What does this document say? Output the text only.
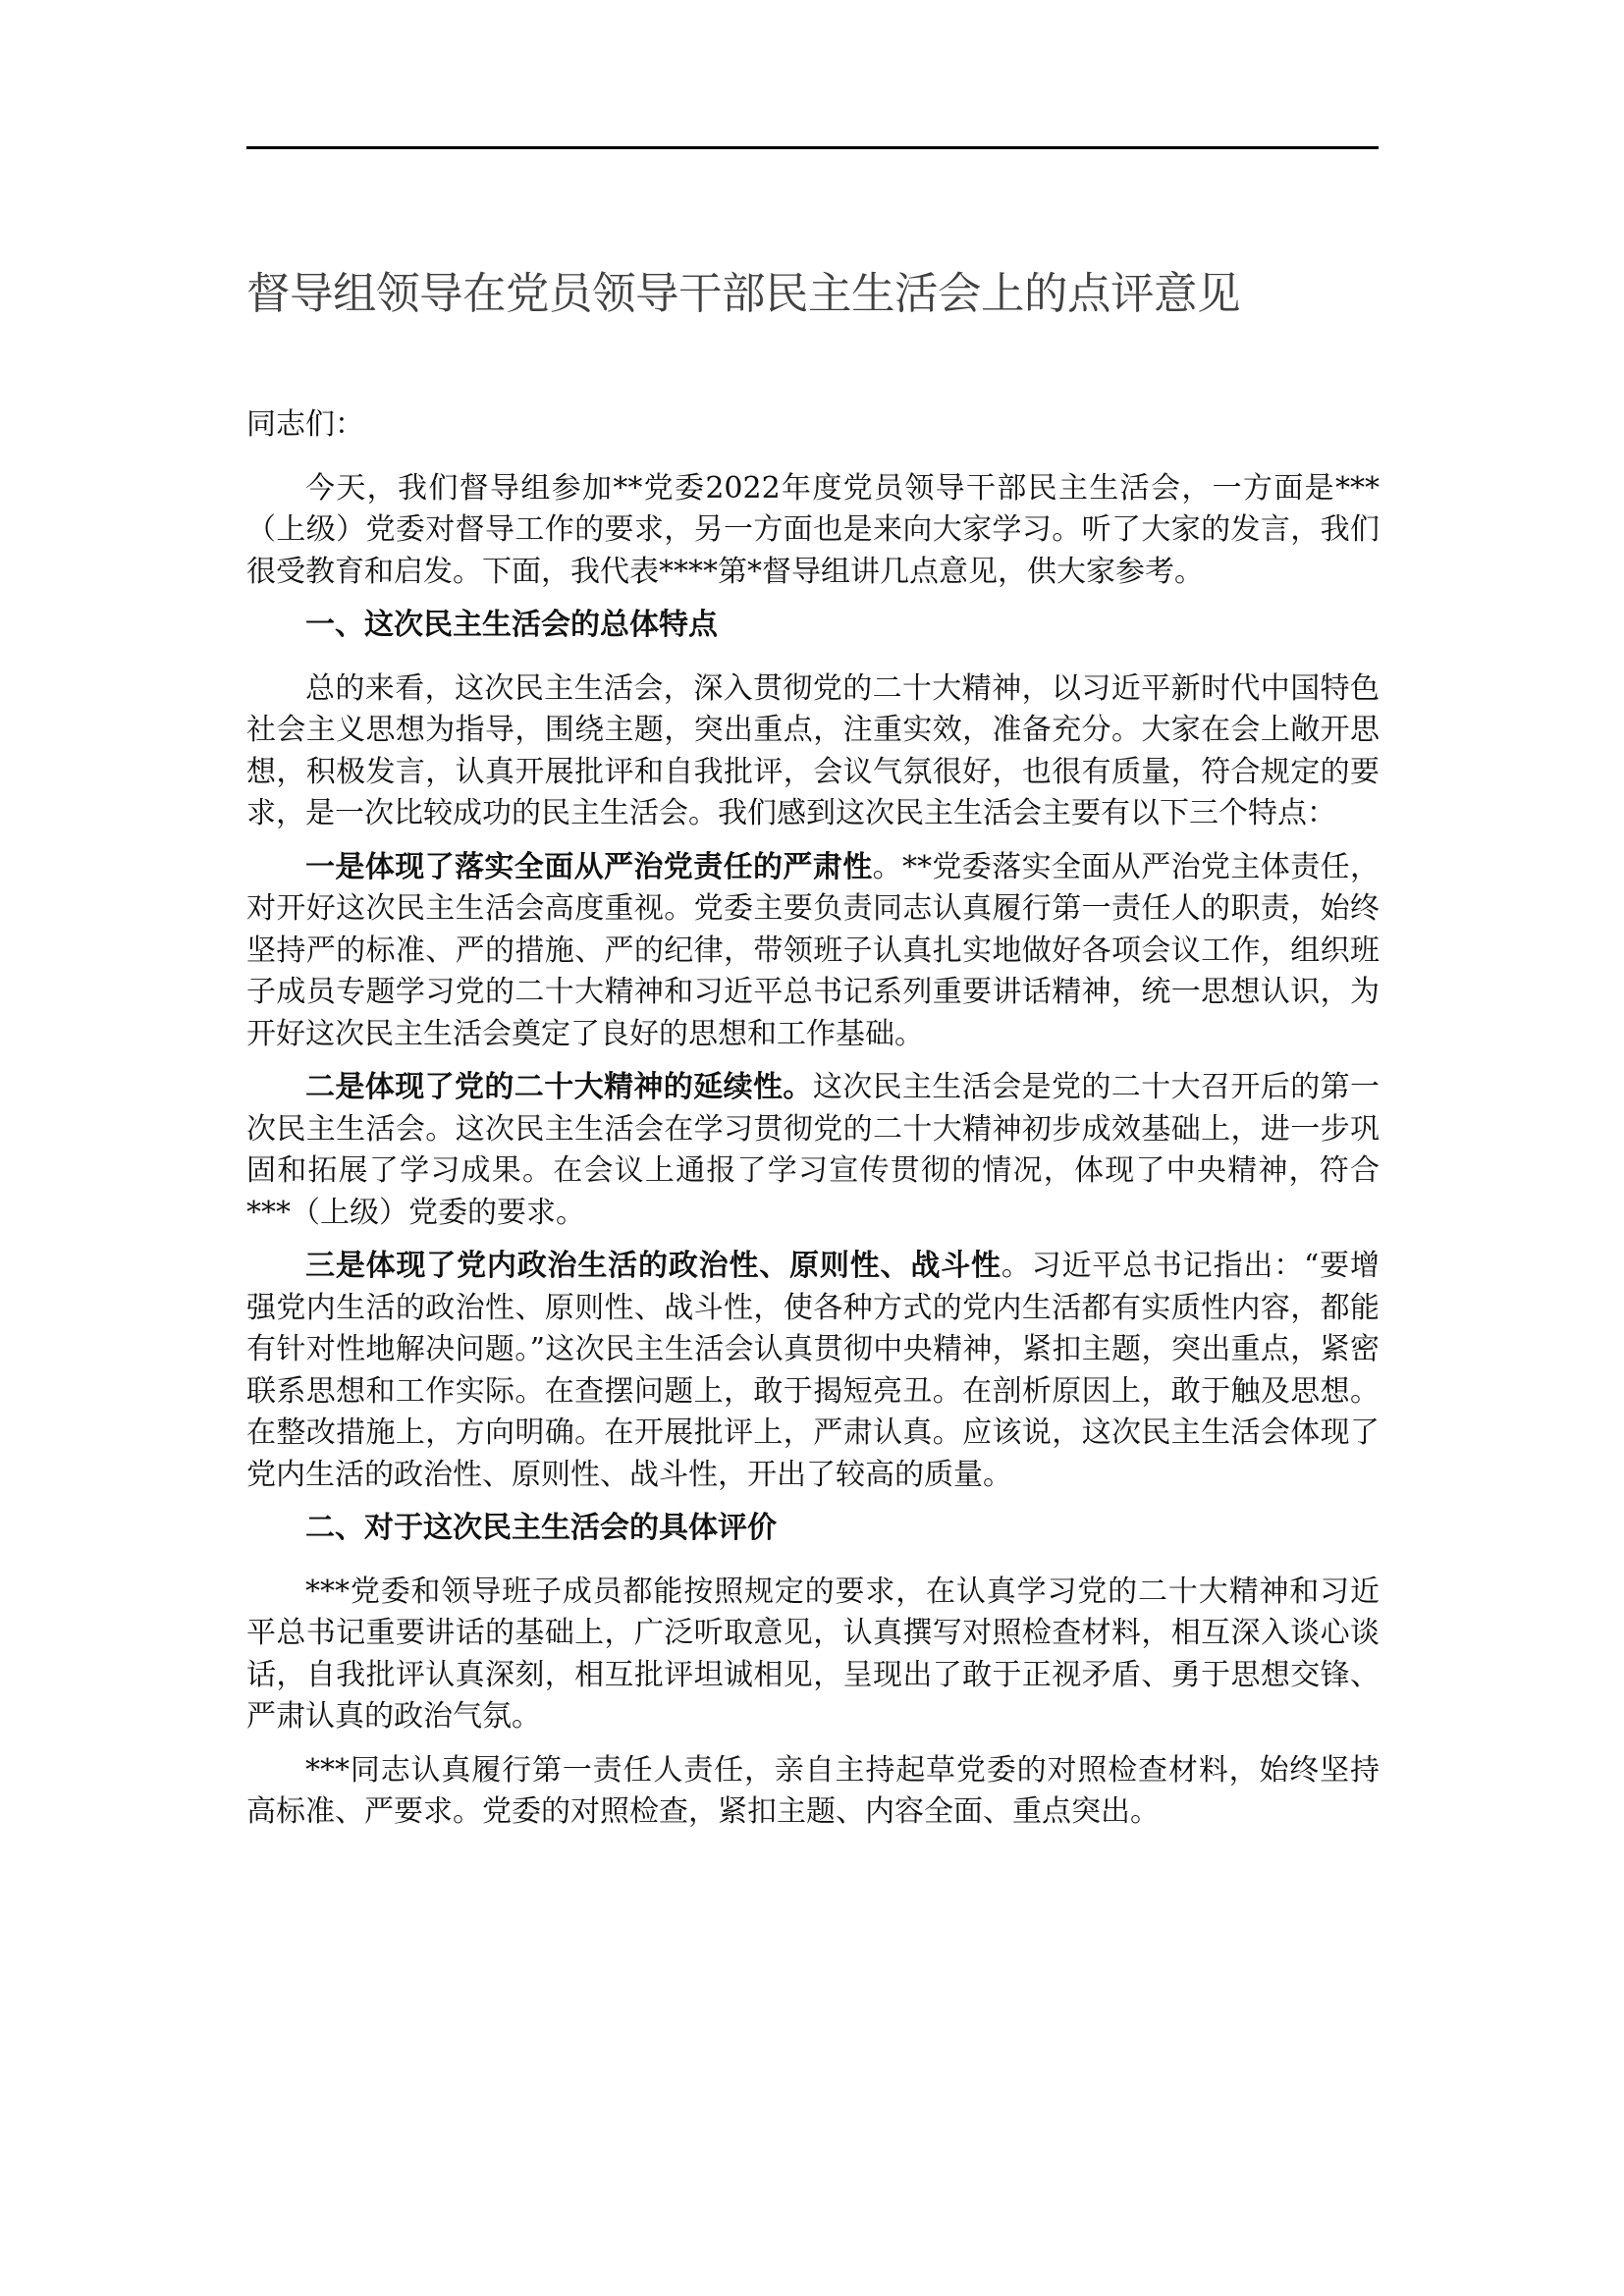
督导组领导在党员领导干部民主生活会上的点评意见

同志们：

今天，我们督导组参加**党委2022年度党员领导干部民主生活会，一方面是***（上级）党委对督导工作的要求，另一方面也是来向大家学习。听了大家的发言，我们很受教育和启发。下面，我代表****第*督导组讲几点意见，供大家参考。

一、这次民主生活会的总体特点

总的来看，这次民主生活会，深入贯彻党的二十大精神，以习近平新时代中国特色社会主义思想为指导，围绕主题，突出重点，注重实效，准备充分。大家在会上敞开思想，积极发言，认真开展批评和自我批评，会议气氛很好，也很有质量，符合规定的要求，是一次比较成功的民主生活会。我们感到这次民主生活会主要有以下三个特点：

一是体现了落实全面从严治党责任的严肃性。**党委落实全面从严治党主体责任，对开好这次民主生活会高度重视。党委主要负责同志认真履行第一责任人的职责，始终坚持严的标准、严的措施、严的纪律，带领班子认真扎实地做好各项会议工作，组织班子成员专题学习党的二十大精神和习近平总书记系列重要讲话精神，统一思想认识，为开好这次民主生活会奠定了良好的思想和工作基础。

二是体现了党的二十大精神的延续性。这次民主生活会是党的二十大召开后的第一次民主生活会。这次民主生活会在学习贯彻党的二十大精神初步成效基础上，进一步巩固和拓展了学习成果。在会议上通报了学习宣传贯彻的情况，体现了中央精神，符合***（上级）党委的要求。

三是体现了党内政治生活的政治性、原则性、战斗性。习近平总书记指出：“要增强党内生活的政治性、原则性、战斗性，使各种方式的党内生活都有实质性内容，都能有针对性地解决问题。”这次民主生活会认真贯彻中央精神，紧扣主题，突出重点，紧密联系思想和工作实际。在查摆问题上，敢于揭短亮丑。在剖析原因上，敢于触及思想。在整改措施上，方向明确。在开展批评上，严肃认真。应该说，这次民主生活会体现了党内生活的政治性、原则性、战斗性，开出了较高的质量。

二、对于这次民主生活会的具体评价

***党委和领导班子成员都能按照规定的要求，在认真学习党的二十大精神和习近平总书记重要讲话的基础上，广泛听取意见，认真撰写对照检查材料，相互深入谈心谈话，自我批评认真深刻，相互批评坦诚相见，呈现出了敢于正视矛盾、勇于思想交锋、严肃认真的政治气氛。

***同志认真履行第一责任人责任，亲自主持起草党委的对照检查材料，始终坚持高标准、严要求。党委的对照检查，紧扣主题、内容全面、重点突出。
